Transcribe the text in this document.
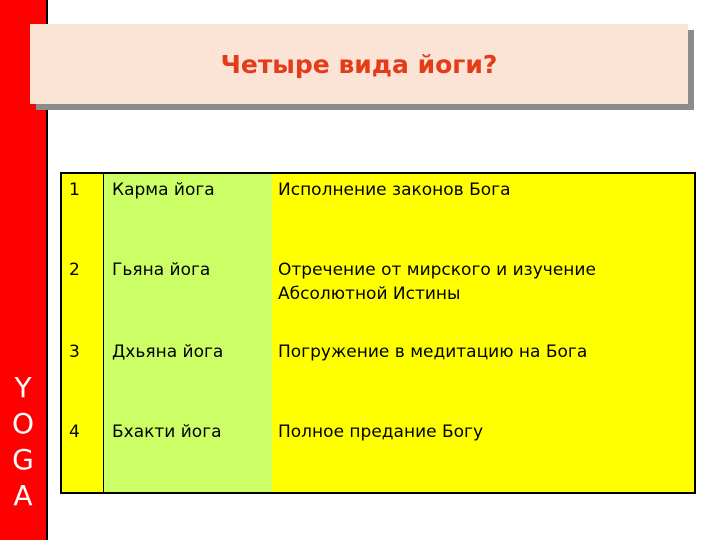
Y
O
G
A
Четыре вида йоги?
1
2
3
4
Карма йога
Гьяна йога
Дхьяна йога
Бхакти йога
Исполнение законов Бога
Отречение от мирского и изучение Абсолютной Истины
Погружение в медитацию на Бога
Полное предание Богу
